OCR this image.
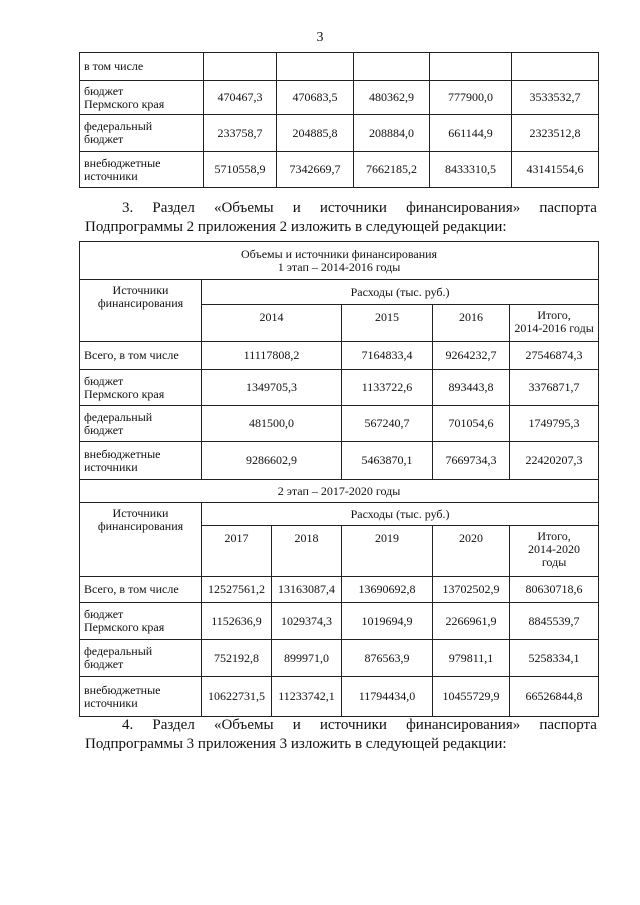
3
в том числе					
бюджет
Пермского края	470467,3	470683,5	480362,9	777900,0	3533532,7
федеральный
бюджет	233758,7	204885,8	208884,0	661144,9	2323512,8
внебюджетные
источники	5710558,9	7342669,7	7662185,2	8433310,5	43141554,6
3. Раздел «Объемы и источники финансирования» паспорта
Подпрограммы 2 приложения 2 изложить в следующей редакции:
Объемы и источники финансирования
1 этап – 2014-2016 годы					
Источники
финансирования	Расходы (тыс. руб.)				
	2014		2015	2016	Итого,
2014-2016 годы
Всего, в том числе	11117808,2		7164833,4	9264232,7	27546874,3
бюджет
Пермского края	1349705,3		1133722,6	893443,8	3376871,7
федеральный
бюджет	481500,0		567240,7	701054,6	1749795,3
внебюджетные
источники	9286602,9		5463870,1	7669734,3	22420207,3
2 этап – 2017-2020 годы					
Источники
финансирования	Расходы (тыс. руб.)				
	2017	2018	2019	2020	Итого,
2014-2020
годы
Всего, в том числе	12527561,2	13163087,4	13690692,8	13702502,9	80630718,6
бюджет
Пермского края	1152636,9	1029374,3	1019694,9	2266961,9	8845539,7
федеральный
бюджет	752192,8	899971,0	876563,9	979811,1	5258334,1
внебюджетные
источники	10622731,5	11233742,1	11794434,0	10455729,9	66526844,8
4. Раздел «Объемы и источники финансирования» паспорта
Подпрограммы 3 приложения 3 изложить в следующей редакции:
